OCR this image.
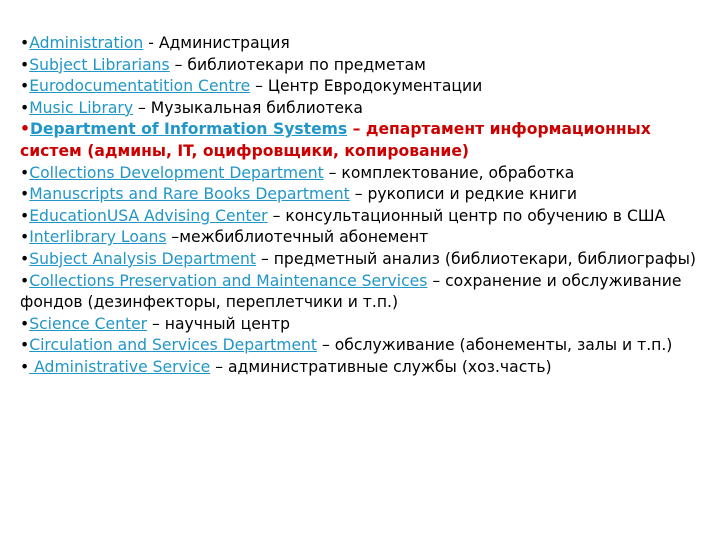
•Administration - Администрация
•Subject Librarians – библиотекари по предметам
•Eurodocumentatition Centre – Центр Евродокументации
•Music Library – Музыкальная библиотека
•Department of Information Systems – департамент информационных систем (админы, IT, оцифровщики, копирование)
•Collections Development Department – комплектование, обработка
•Manuscripts and Rare Books Department – рукописи и редкие книги
•EducationUSA Advising Center – консультационный центр по обучению в США
•Interlibrary Loans –межбиблиотечный абонемент
•Subject Analysis Department – предметный анализ (библиотекари, библиографы)
•Collections Preservation and Maintenance Services – сохранение и обслуживание фондов (дезинфекторы, переплетчики и т.п.)
•Science Center – научный центр
•Circulation and Services Department – обслуживание (абонементы, залы и т.п.)
• Administrative Service – административные службы (хоз.часть)
